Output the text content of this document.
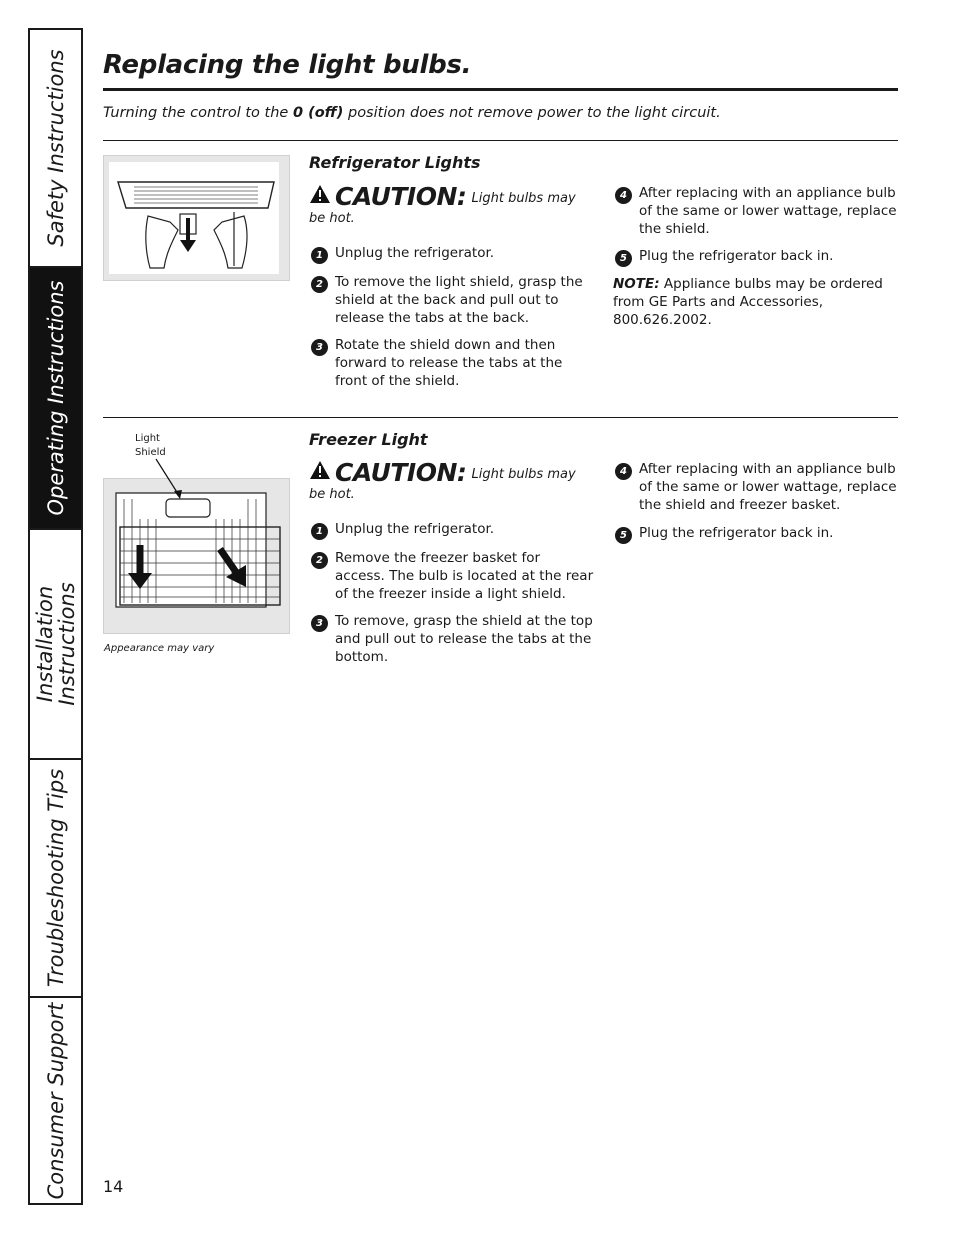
Safety Instructions
Operating Instructions
Installation
Instructions
Troubleshooting Tips
Consumer Support
Replacing the light bulbs.
Turning the control to the 0 (off) position does not remove power to the light circuit.
Refrigerator Lights
CAUTION: Light bulbs may be hot.
1 Unplug the refrigerator.
2 To remove the light shield, grasp the shield at the back and pull out to release the tabs at the back.
3 Rotate the shield down and then forward to release the tabs at the front of the shield.
4 After replacing with an appliance bulb of the same or lower wattage, replace the shield.
5 Plug the refrigerator back in.
NOTE: Appliance bulbs may be ordered from GE Parts and Accessories, 800.626.2002.
Light
Shield
Appearance may vary
Freezer Light
CAUTION: Light bulbs may be hot.
1 Unplug the refrigerator.
2 Remove the freezer basket for access. The bulb is located at the rear of the freezer inside a light shield.
3 To remove, grasp the shield at the top and pull out to release the tabs at the bottom.
4 After replacing with an appliance bulb of the same or lower wattage, replace the shield and freezer basket.
5 Plug the refrigerator back in.
14
